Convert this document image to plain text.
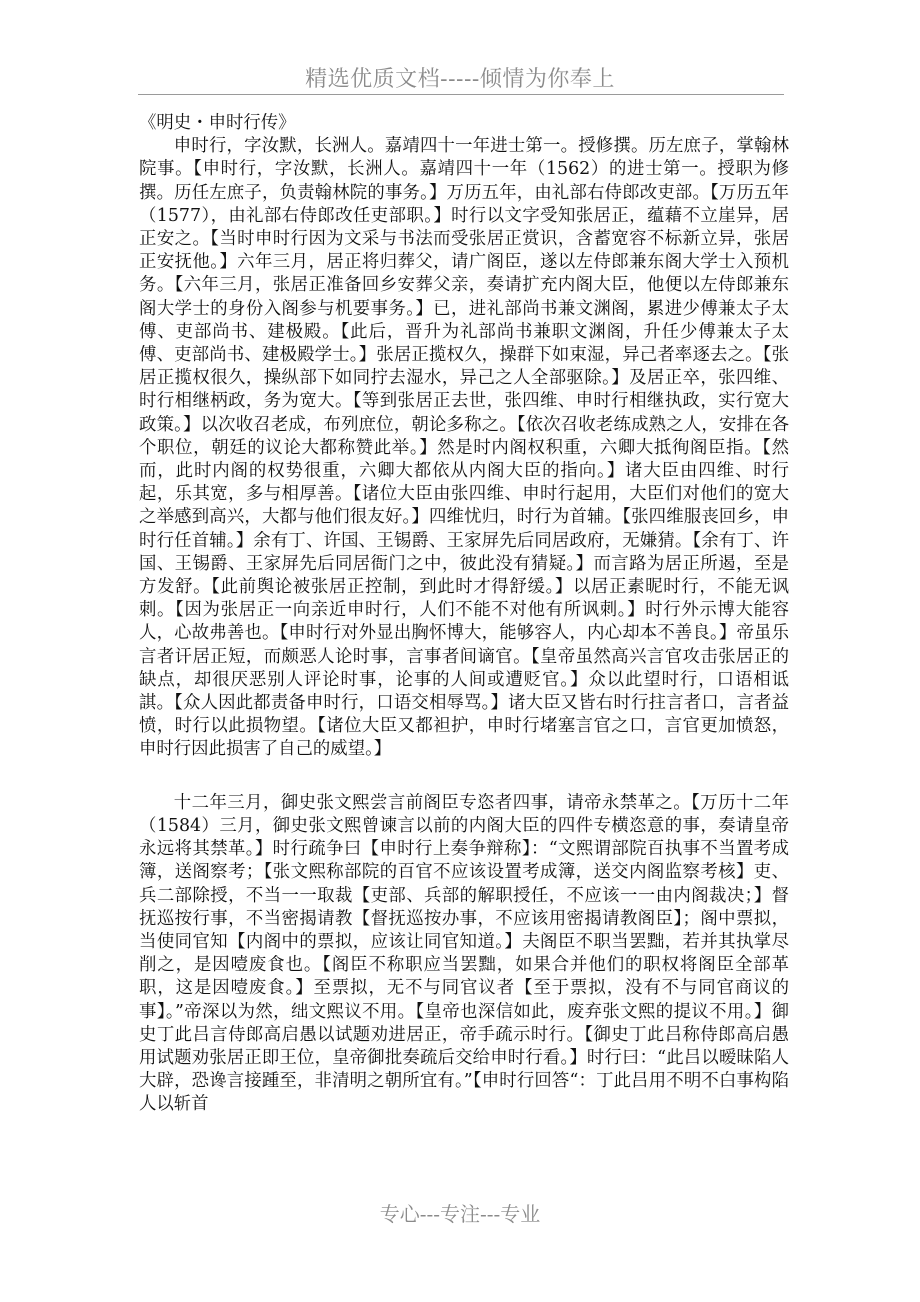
精选优质文档-----倾情为你奉上

《明史・申时行传》

申时行，字汝默，长洲人。嘉靖四十一年进士第一。授修撰。历左庶子，掌翰林院事。【申时行，字汝默，长洲人。嘉靖四十一年（1562）的进士第一。授职为修撰。历任左庶子，负责翰林院的事务。】万历五年，由礼部右侍郎改吏部。【万历五年（1577），由礼部右侍郎改任吏部职。】时行以文字受知张居正，蕴藉不立崖异，居正安之。【当时申时行因为文采与书法而受张居正赏识，含蓄宽容不标新立异，张居正安抚他。】六年三月，居正将归葬父，请广阁臣，遂以左侍郎兼东阁大学士入预机务。【六年三月，张居正准备回乡安葬父亲，奏请扩充内阁大臣，他便以左侍郎兼东阁大学士的身份入阁参与机要事务。】已，进礼部尚书兼文渊阁，累进少傅兼太子太傅、吏部尚书、建极殿。【此后，晋升为礼部尚书兼职文渊阁，升任少傅兼太子太傅、吏部尚书、建极殿学士。】张居正揽权久，操群下如束湿，异己者率逐去之。【张居正揽权很久，操纵部下如同拧去湿水，异己之人全部驱除。】及居正卒，张四维、时行相继柄政，务为宽大。【等到张居正去世，张四维、申时行相继执政，实行宽大政策。】以次收召老成，布列庶位，朝论多称之。【依次召收老练成熟之人，安排在各个职位，朝廷的议论大都称赞此举。】然是时内阁权积重，六卿大抵徇阁臣指。【然而，此时内阁的权势很重，六卿大都依从内阁大臣的指向。】诸大臣由四维、时行起，乐其宽，多与相厚善。【诸位大臣由张四维、申时行起用，大臣们对他们的宽大之举感到高兴，大都与他们很友好。】四维忧归，时行为首辅。【张四维服丧回乡，申时行任首辅。】余有丁、许国、王锡爵、王家屏先后同居政府，无嫌猜。【余有丁、许国、王锡爵、王家屏先后同居衙门之中，彼此没有猜疑。】而言路为居正所遏，至是方发舒。【此前舆论被张居正控制，到此时才得舒缓。】以居正素昵时行，不能无讽刺。【因为张居正一向亲近申时行，人们不能不对他有所讽刺。】时行外示博大能容人，心故弗善也。【申时行对外显出胸怀博大，能够容人，内心却本不善良。】帝虽乐言者讦居正短，而颇恶人论时事，言事者间谪官。【皇帝虽然高兴言官攻击张居正的缺点，却很厌恶别人评论时事，论事的人间或遭贬官。】众以此望时行，口语相诋諆。【众人因此都责备申时行，口语交相辱骂。】诸大臣又皆右时行拄言者口，言者益愤，时行以此损物望。【诸位大臣又都袒护，申时行堵塞言官之口，言官更加愤怒，申时行因此损害了自己的威望。】

十二年三月，御史张文熙尝言前阁臣专恣者四事，请帝永禁革之。【万历十二年（1584）三月，御史张文熙曾谏言以前的内阁大臣的四件专横恣意的事，奏请皇帝永远将其禁革。】时行疏争曰【申时行上奏争辩称】：“文熙谓部院百执事不当置考成簿，送阁察考；【张文熙称部院的百官不应该设置考成簿，送交内阁监察考核】吏、兵二部除授，不当一一取裁【吏部、兵部的解职授任，不应该一一由内阁裁决；】督抚巡按行事，不当密揭请教【督抚巡按办事，不应该用密揭请教阁臣】；阁中票拟，当使同官知【内阁中的票拟，应该让同官知道。】夫阁臣不职当罢黜，若并其执掌尽削之，是因噎废食也。【阁臣不称职应当罢黜，如果合并他们的职权将阁臣全部革职，这是因噎废食。】至票拟，无不与同官议者【至于票拟，没有不与同官商议的事】。”帝深以为然，绌文熙议不用。【皇帝也深信如此，废弃张文熙的提议不用。】御史丁此吕言侍郎高启愚以试题劝进居正，帝手疏示时行。【御史丁此吕称侍郎高启愚用试题劝张居正即王位，皇帝御批奏疏后交给申时行看。】时行曰：“此吕以暧昧陷人大辟，恐谗言接踵至，非清明之朝所宜有。”【申时行回答“：丁此吕用不明不白事构陷人以斩首

专心---专注---专业
